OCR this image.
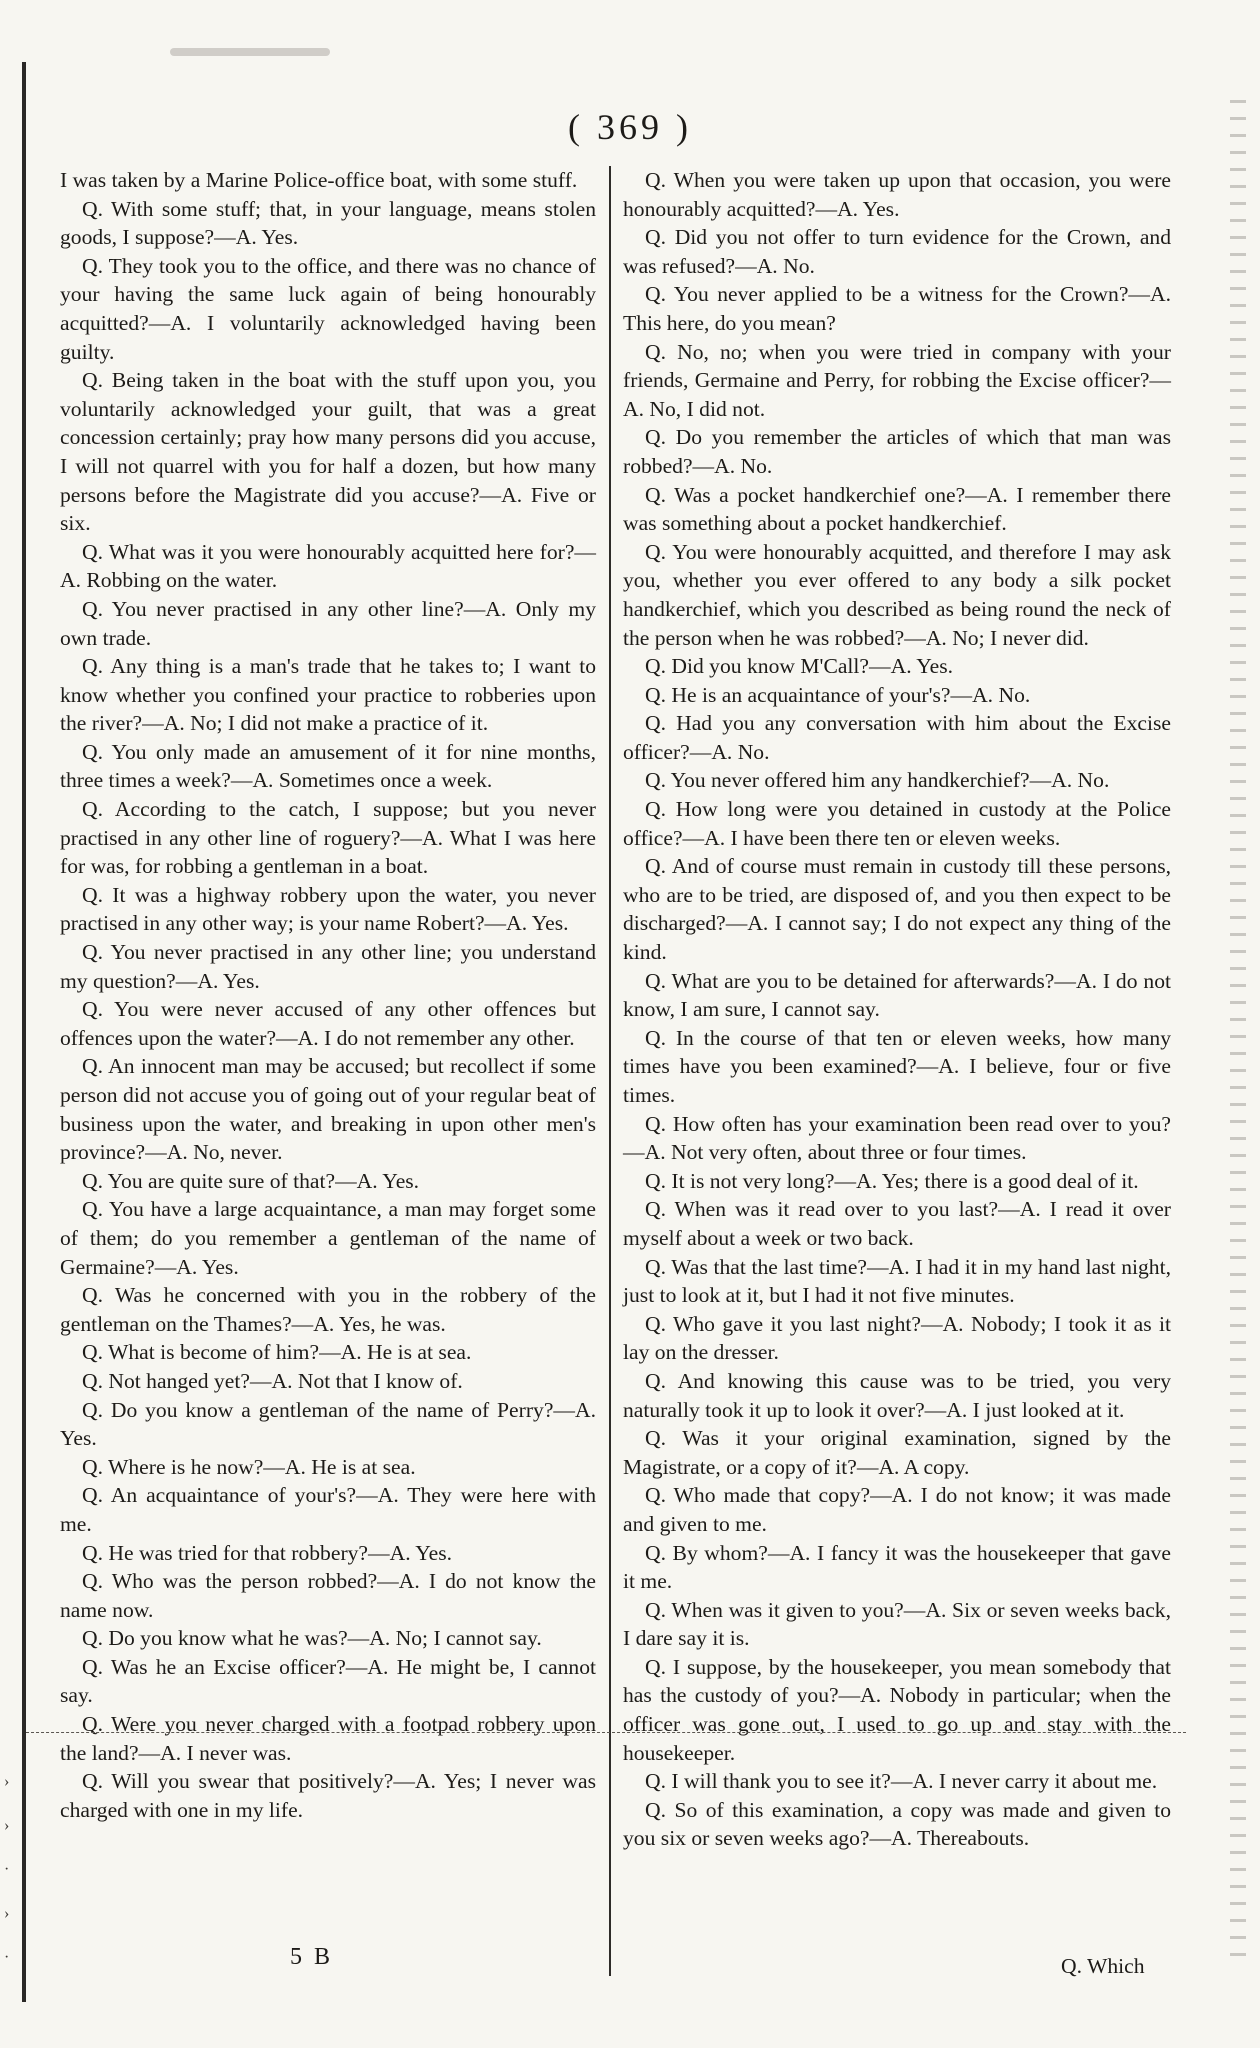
( 369 )

I was taken by a Marine Police-office boat, with some stuff.

Q. With some stuff; that, in your language, means stolen goods, I suppose?—A. Yes.

Q. They took you to the office, and there was no chance of your having the same luck again of being honourably acquitted?—A. I voluntarily acknowledged having been guilty.

Q. Being taken in the boat with the stuff upon you, you voluntarily acknowledged your guilt, that was a great concession certainly; pray how many persons did you accuse, I will not quarrel with you for half a dozen, but how many persons before the Magistrate did you accuse?—A. Five or six.

Q. What was it you were honourably acquitted here for?—A. Robbing on the water.

Q. You never practised in any other line?—A. Only my own trade.

Q. Any thing is a man's trade that he takes to; I want to know whether you confined your practice to robberies upon the river?—A. No; I did not make a practice of it.

Q. You only made an amusement of it for nine months, three times a week?—A. Sometimes once a week.

Q. According to the catch, I suppose; but you never practised in any other line of roguery?—A. What I was here for was, for robbing a gentleman in a boat.

Q. It was a highway robbery upon the water, you never practised in any other way; is your name Robert?—A. Yes.

Q. You never practised in any other line; you understand my question?—A. Yes.

Q. You were never accused of any other offences but offences upon the water?—A. I do not remember any other.

Q. An innocent man may be accused; but recollect if some person did not accuse you of going out of your regular beat of business upon the water, and breaking in upon other men's province?—A. No, never.

Q. You are quite sure of that?—A. Yes.

Q. You have a large acquaintance, a man may forget some of them; do you remember a gentleman of the name of Germaine?—A. Yes.

Q. Was he concerned with you in the robbery of the gentleman on the Thames?—A. Yes, he was.

Q. What is become of him?—A. He is at sea.

Q. Not hanged yet?—A. Not that I know of.

Q. Do you know a gentleman of the name of Perry?—A. Yes.

Q. Where is he now?—A. He is at sea.

Q. An acquaintance of your's?—A. They were here with me.

Q. He was tried for that robbery?—A. Yes.

Q. Who was the person robbed?—A. I do not know the name now.

Q. Do you know what he was?—A. No; I cannot say.

Q. Was he an Excise officer?—A. He might be, I cannot say.

Q. Were you never charged with a footpad robbery upon the land?—A. I never was.

Q. Will you swear that positively?—A. Yes; I never was charged with one in my life.

Q. When you were taken up upon that occasion, you were honourably acquitted?—A. Yes.

Q. Did you not offer to turn evidence for the Crown, and was refused?—A. No.

Q. You never applied to be a witness for the Crown?—A. This here, do you mean?

Q. No, no; when you were tried in company with your friends, Germaine and Perry, for robbing the Excise officer?—A. No, I did not.

Q. Do you remember the articles of which that man was robbed?—A. No.

Q. Was a pocket handkerchief one?—A. I remember there was something about a pocket handkerchief.

Q. You were honourably acquitted, and therefore I may ask you, whether you ever offered to any body a silk pocket handkerchief, which you described as being round the neck of the person when he was robbed?—A. No; I never did.

Q. Did you know M'Call?—A. Yes.

Q. He is an acquaintance of your's?—A. No.

Q. Had you any conversation with him about the Excise officer?—A. No.

Q. You never offered him any handkerchief?—A. No.

Q. How long were you detained in custody at the Police office?—A. I have been there ten or eleven weeks.

Q. And of course must remain in custody till these persons, who are to be tried, are disposed of, and you then expect to be discharged?—A. I cannot say; I do not expect any thing of the kind.

Q. What are you to be detained for afterwards?—A. I do not know, I am sure, I cannot say.

Q. In the course of that ten or eleven weeks, how many times have you been examined?—A. I believe, four or five times.

Q. How often has your examination been read over to you?—A. Not very often, about three or four times.

Q. It is not very long?—A. Yes; there is a good deal of it.

Q. When was it read over to you last?—A. I read it over myself about a week or two back.

Q. Was that the last time?—A. I had it in my hand last night, just to look at it, but I had it not five minutes.

Q. Who gave it you last night?—A. Nobody; I took it as it lay on the dresser.

Q. And knowing this cause was to be tried, you very naturally took it up to look it over?—A. I just looked at it.

Q. Was it your original examination, signed by the Magistrate, or a copy of it?—A. A copy.

Q. Who made that copy?—A. I do not know; it was made and given to me.

Q. By whom?—A. I fancy it was the housekeeper that gave it me.

Q. When was it given to you?—A. Six or seven weeks back, I dare say it is.

Q. I suppose, by the housekeeper, you mean somebody that has the custody of you?—A. Nobody in particular; when the officer was gone out, I used to go up and stay with the housekeeper.

Q. I will thank you to see it?—A. I never carry it about me.

Q. So of this examination, a copy was made and given to you six or seven weeks ago?—A. Thereabouts.

›
›
·
›
·	5 B	Q. Which
